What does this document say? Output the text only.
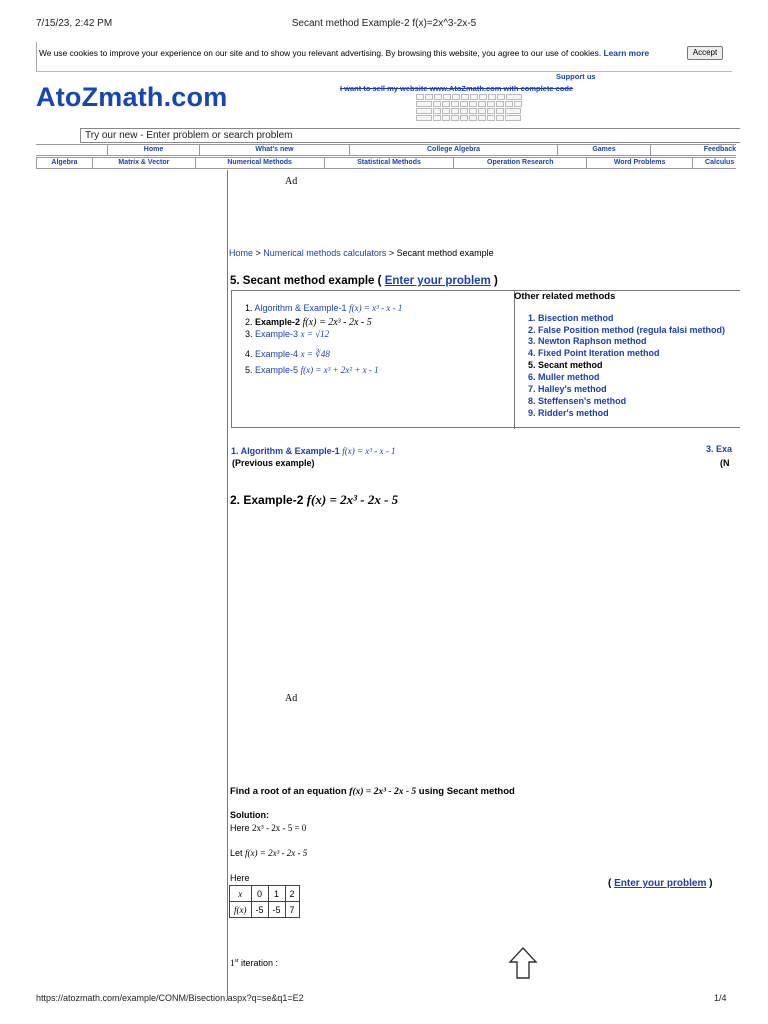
7/15/23, 2:42 PM	Secant method Example-2 f(x)=2x^3-2x-5
We use cookies to improve your experience on our site and to show you relevant advertising. By browsing this website, you agree to our use of cookies. Learn more	Accept
Support us
I want to sell my website www.AtoZmath.com with complete code
AtoZmath.com
Try our new - Enter problem or search problem
Home	What's new	College Algebra	Games	Feedback
Algebra	Matrix & Vector	Numerical Methods	Statistical Methods	Operation Research	Word Problems	Calculus
Ad
Ad
Home > Numerical methods calculators > Secant method example
5. Secant method example ( Enter your problem )
1. Algorithm & Example-1 f(x) = x³ - x - 1
2. Example-2 f(x) = 2x³ - 2x - 5
3. Example-3 x = √12
4. Example-4 x = ∛48
5. Example-5 f(x) = x³ + 2x² + x - 1
Other related methods
1. Bisection method
2. False Position method (regula falsi method)
3. Newton Raphson method
4. Fixed Point Iteration method
5. Secant method
6. Muller method
7. Halley's method
8. Steffensen's method
9. Ridder's method
1. Algorithm & Example-1 f(x) = x³ - x - 1
(Previous example)
3. Exa
(N
2. Example-2 f(x) = 2x³ - 2x - 5
Find a root of an equation f(x) = 2x³ - 2x - 5 using Secant method
Solution:
Here 2x³ - 2x - 5 = 0
Let f(x) = 2x³ - 2x - 5
Here
x	0	1	2
f(x)	-5	-5	7
( Enter your problem )
1st iteration :
https://atozmath.com/example/CONM/Bisection.aspx?q=se&q1=E2	1/4
